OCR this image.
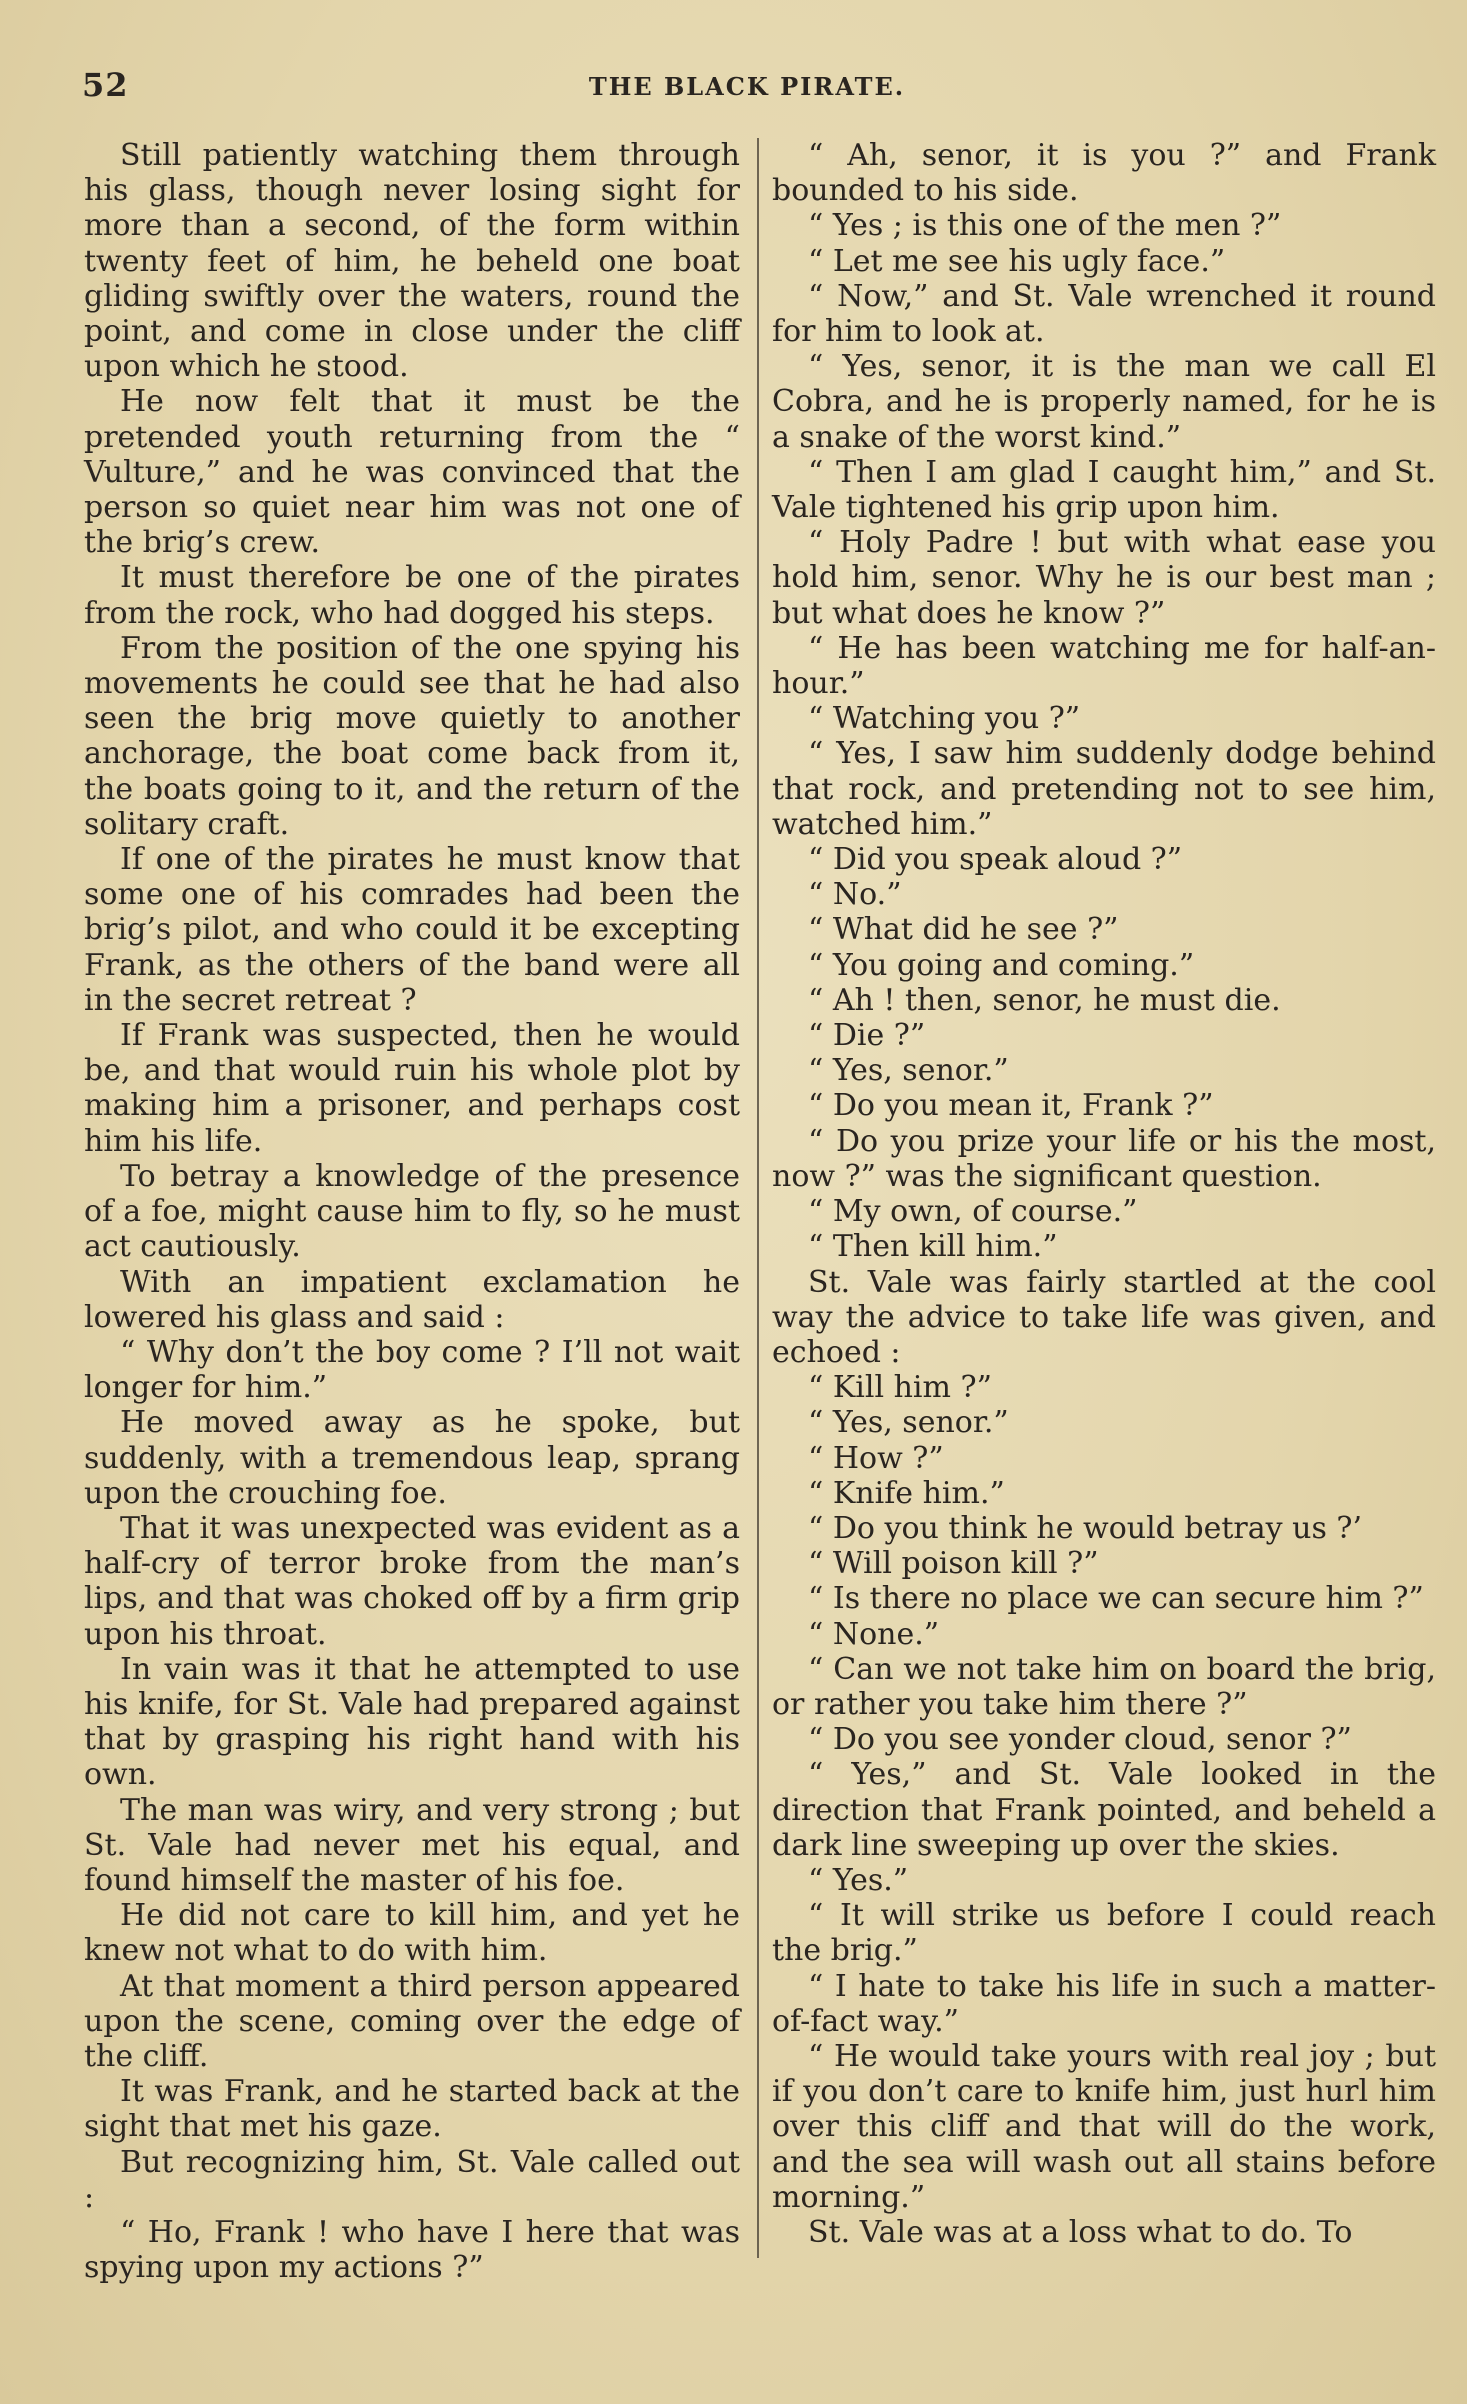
52	THE BLACK PIRATE.

Still patiently watching them through his glass, though never losing sight for more than a second, of the form within twenty feet of him, he beheld one boat gliding swiftly over the waters, round the point, and come in close under the cliff upon which he stood.

He now felt that it must be the pretended youth returning from the “ Vulture,” and he was convinced that the person so quiet near him was not one of the brig’s crew.

It must therefore be one of the pirates from the rock, who had dogged his steps.

From the position of the one spying his movements he could see that he had also seen the brig move quietly to another anchorage, the boat come back from it, the boats going to it, and the return of the solitary craft.

If one of the pirates he must know that some one of his comrades had been the brig’s pilot, and who could it be excepting Frank, as the others of the band were all in the secret retreat ?

If Frank was suspected, then he would be, and that would ruin his whole plot by making him a prisoner, and perhaps cost him his life.

To betray a knowledge of the presence of a foe, might cause him to fly, so he must act cautiously.

With an impatient exclamation he lowered his glass and said :

“ Why don’t the boy come ? I’ll not wait longer for him.”

He moved away as he spoke, but suddenly, with a tremendous leap, sprang upon the crouching foe.

That it was unexpected was evident as a half-cry of terror broke from the man’s lips, and that was choked off by a firm grip upon his throat.

In vain was it that he attempted to use his knife, for St. Vale had prepared against that by grasping his right hand with his own.

The man was wiry, and very strong ; but St. Vale had never met his equal, and found himself the master of his foe.

He did not care to kill him, and yet he knew not what to do with him.

At that moment a third person appeared upon the scene, coming over the edge of the cliff.

It was Frank, and he started back at the sight that met his gaze.

But recognizing him, St. Vale called out :

“ Ho, Frank ! who have I here that was spying upon my actions ?”

“ Ah, senor, it is you ?” and Frank bounded to his side.

“ Yes ; is this one of the men ?”

“ Let me see his ugly face.”

“ Now,” and St. Vale wrenched it round for him to look at.

“ Yes, senor, it is the man we call El Cobra, and he is properly named, for he is a snake of the worst kind.”

“ Then I am glad I caught him,” and St. Vale tightened his grip upon him.

“ Holy Padre ! but with what ease you hold him, senor. Why he is our best man ; but what does he know ?”

“ He has been watching me for half-an-hour.”

“ Watching you ?”

“ Yes, I saw him suddenly dodge behind that rock, and pretending not to see him, watched him.”

“ Did you speak aloud ?”

“ No.”

“ What did he see ?”

“ You going and coming.”

“ Ah ! then, senor, he must die.

“ Die ?”

“ Yes, senor.”

“ Do you mean it, Frank ?”

“ Do you prize your life or his the most, now ?” was the significant question.

“ My own, of course.”

“ Then kill him.”

St. Vale was fairly startled at the cool way the advice to take life was given, and echoed :

“ Kill him ?”

“ Yes, senor.”

“ How ?”

“ Knife him.”

“ Do you think he would betray us ?’

“ Will poison kill ?”

“ Is there no place we can secure him ?”

“ None.”

“ Can we not take him on board the brig, or rather you take him there ?”

“ Do you see yonder cloud, senor ?”

“ Yes,” and St. Vale looked in the direction that Frank pointed, and beheld a dark line sweeping up over the skies.

“ Yes.”

“ It will strike us before I could reach the brig.”

“ I hate to take his life in such a matter-of-fact way.”

“ He would take yours with real joy ; but if you don’t care to knife him, just hurl him over this cliff and that will do the work, and the sea will wash out all stains before morning.”

St. Vale was at a loss what to do. To
